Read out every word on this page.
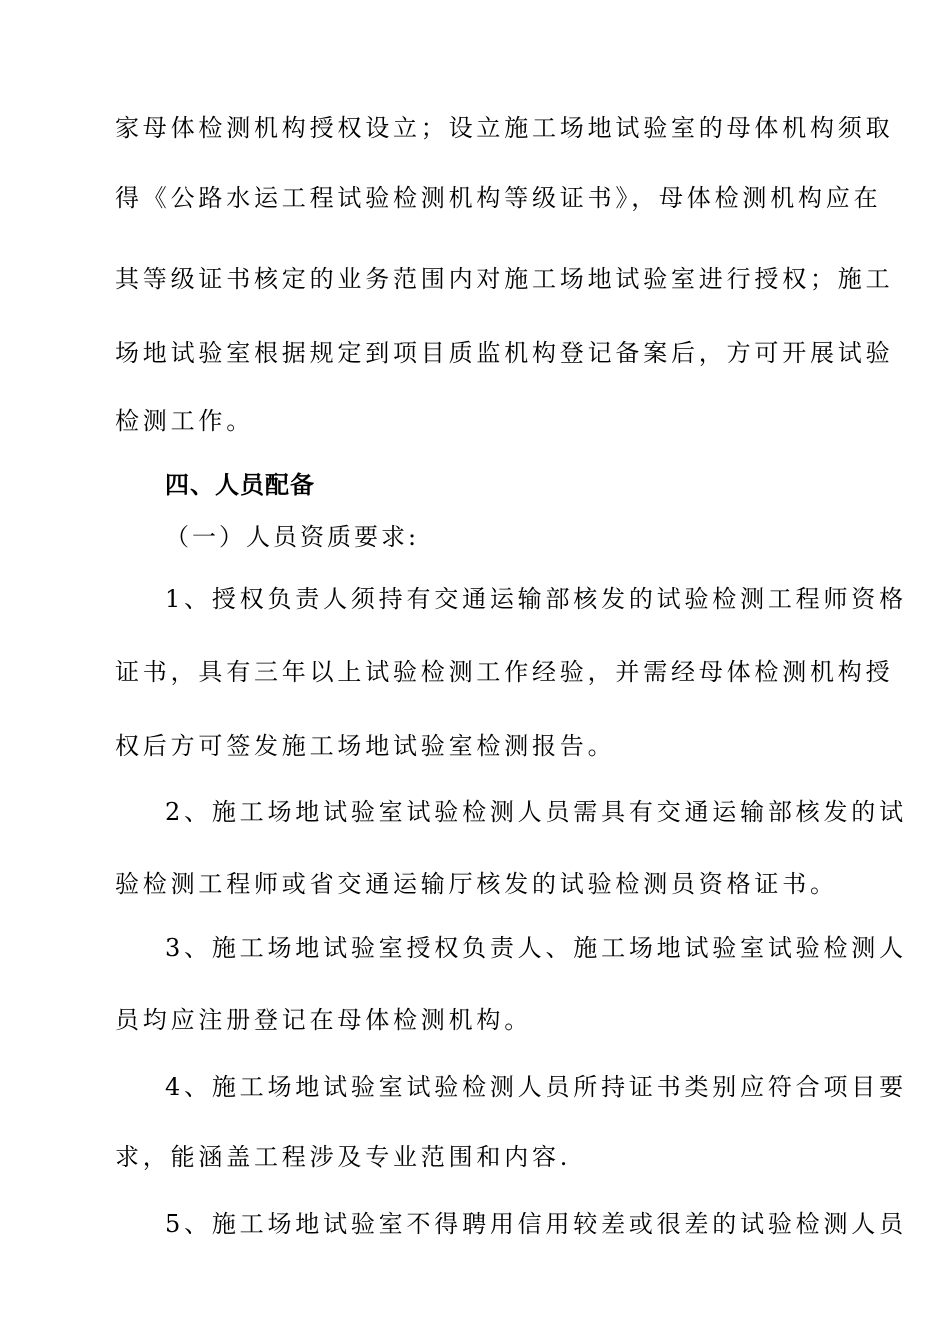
家母体检测机构授权设立；设立施工场地试验室的母体机构须取
得《公路水运工程试验检测机构等级证书》，母体检测机构应在
其等级证书核定的业务范围内对施工场地试验室进行授权；施工
场地试验室根据规定到项目质监机构登记备案后，方可开展试验
检测工作。
四、人员配备
（一）人员资质要求:
1、授权负责人须持有交通运输部核发的试验检测工程师资格
证书，具有三年以上试验检测工作经验，并需经母体检测机构授
权后方可签发施工场地试验室检测报告。
2、施工场地试验室试验检测人员需具有交通运输部核发的试
验检测工程师或省交通运输厅核发的试验检测员资格证书。
3、施工场地试验室授权负责人、施工场地试验室试验检测人
员均应注册登记在母体检测机构。
4、施工场地试验室试验检测人员所持证书类别应符合项目要
求，能涵盖工程涉及专业范围和内容.
5、施工场地试验室不得聘用信用较差或很差的试验检测人员
